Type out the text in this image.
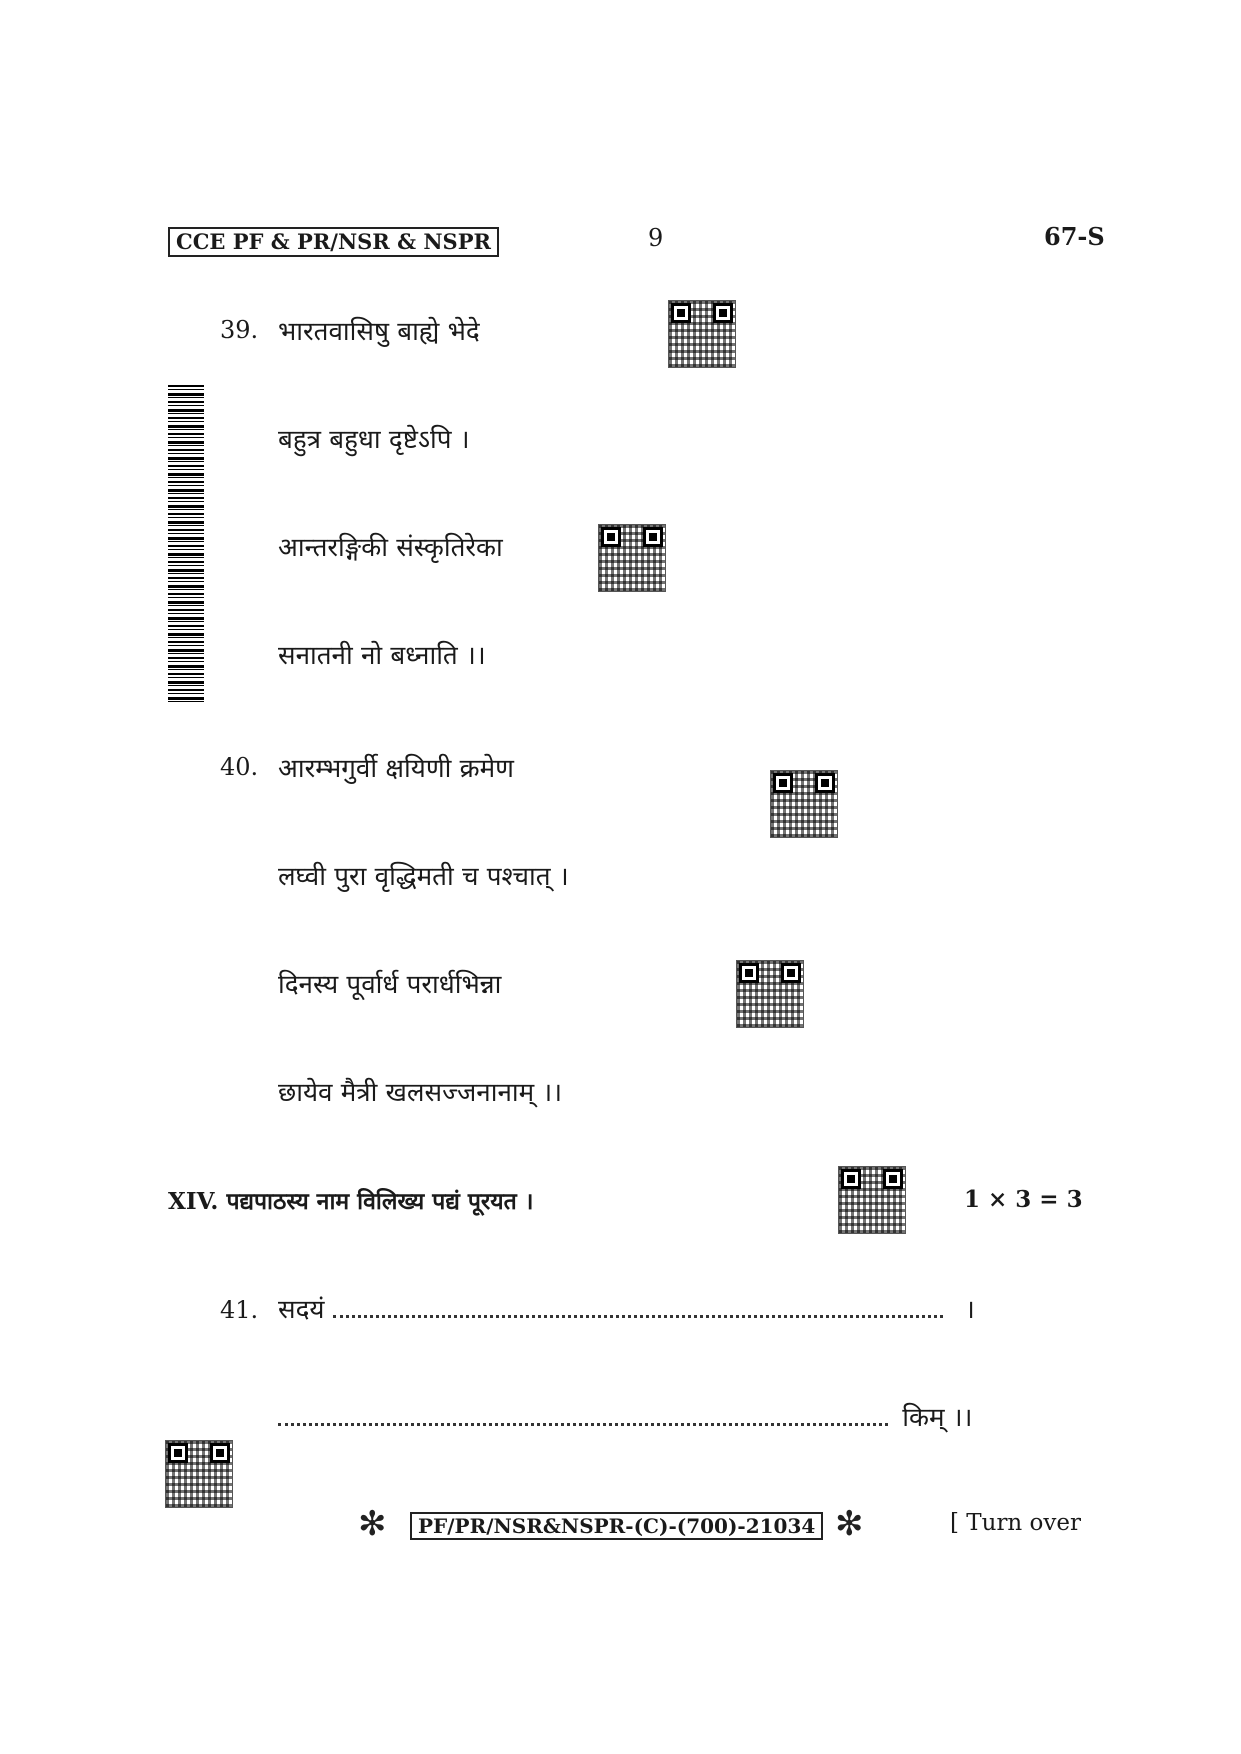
CCE PF & PR/NSR & NSPR	9	67-S
39. भारतवासिषु बाह्ये भेदे
बहुत्र बहुधा दृष्टेऽपि ।
आन्तरङ्गिकी संस्कृतिरेका
सनातनी नो बध्नाति ।।
40. आरम्भगुर्वी क्षयिणी क्रमेण
लघ्वी पुरा वृद्धिमती च पश्चात् ।
दिनस्य पूर्वार्ध परार्धभिन्ना
छायेव मैत्री खलसज्जनानाम् ।।
XIV. पद्यपाठस्य नाम विलिख्य पद्यं पूरयत ।	1 × 3 = 3
41. सदयं	।
किम् ।।
✻	PF/PR/NSR&NSPR-(C)-(700)-21034 ✻	[ Turn over
